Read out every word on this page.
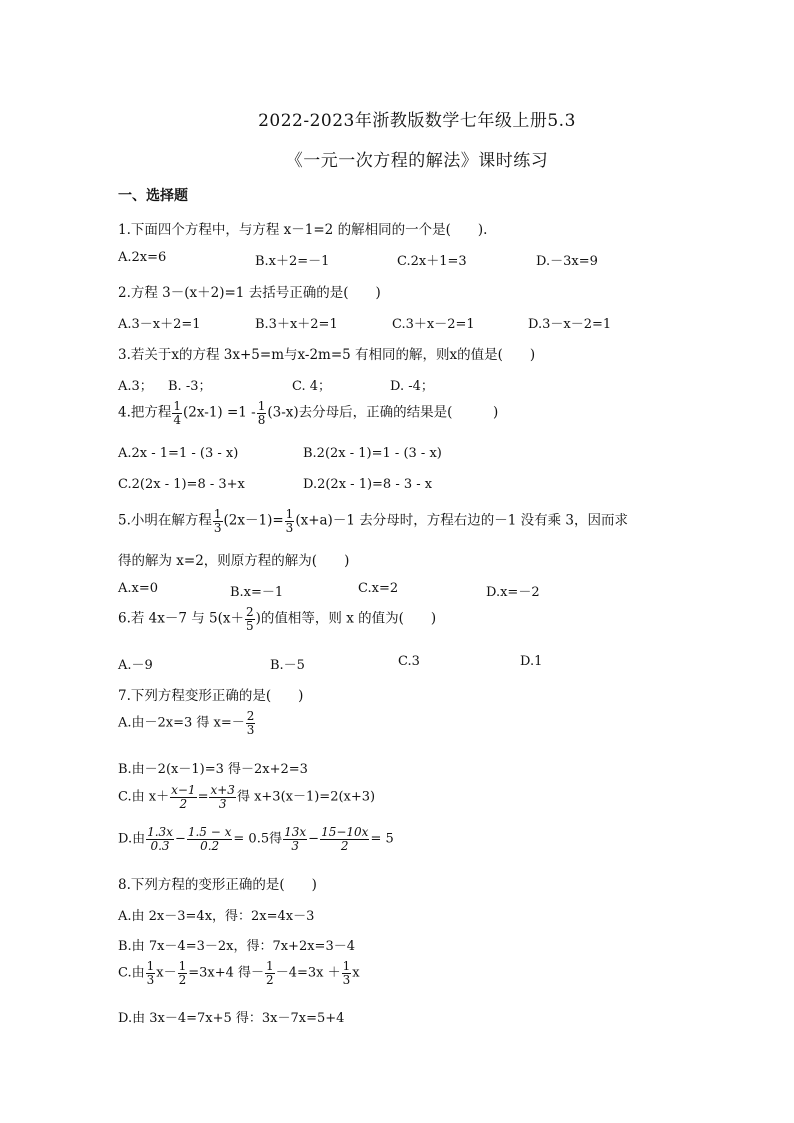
2022-2023年浙教版数学七年级上册5.3
《一元一次方程的解法》课时练习
一、选择题
1.下面四个方程中，与方程 x－1=2 的解相同的一个是(　　).
A.2x=6	B.x＋2=－1	C.2x＋1=3	D.－3x=9
2.方程 3－(x＋2)=1 去括号正确的是(　　)
A.3－x＋2=1	B.3＋x＋2=1	C.3＋x－2=1	D.3－x－2=1
3.若关于x的方程 3x+5=m与x-2m=5 有相同的解，则x的值是(　　)
A.3； B. -3；	C. 4；	D. -4；
4.把方程 $\frac{1}{4} (2x-1) =1 - \frac{1}{8} (3-x)$去分母后，正确的结果是(　　　)
A.2x - 1=1 - (3 - x)	B.2(2x - 1)=1 - (3 - x)
C.2(2x - 1)=8 - 3+x	D.2(2x - 1)=8 - 3 - x
5.小明在解方程 $\frac{1}{3} (2x-1)= \frac{1}{3} (x+a)-1$ 去分母时，方程右边的－1 没有乘 3，因而求
得的解为 x=2，则原方程的解为(　　)
A.x=0	B.x=－1	C.x=2	D.x=－2
6.若 4x－7 与 $5(x+ \frac{2}{5}$ )的值相等，则 x 的值为(　　)
A.－9	B.－5	C.3	D.1
7.下列方程变形正确的是(　　)
A.由－2x=3 得 $x=- \frac{2}{3}$
B.由－2(x－1)=3 得－2x+2=3
C.由 $x+ \frac{x-1}{2} = \frac{x+3}{3}$ 得 x+3(x－1)=2(x+3)
D.由 $\frac{1.3x}{0.3} - \frac{1.5 - x}{0.2} = 0.5$得 $\frac{13x}{3} - \frac{15-10x}{2} = 5$
8.下列方程的变形正确的是(　　)
A.由 2x－3=4x，得：2x=4x－3
B.由 7x－4=3－2x，得：7x+2x=3－4
C.由 $\frac{1}{3} x- \frac{1}{2} =3x+4$ 得－ $\frac{1}{2} -4=3x + \frac{1}{3}$ x
D.由 3x－4=7x+5 得：3x－7x=5+4
